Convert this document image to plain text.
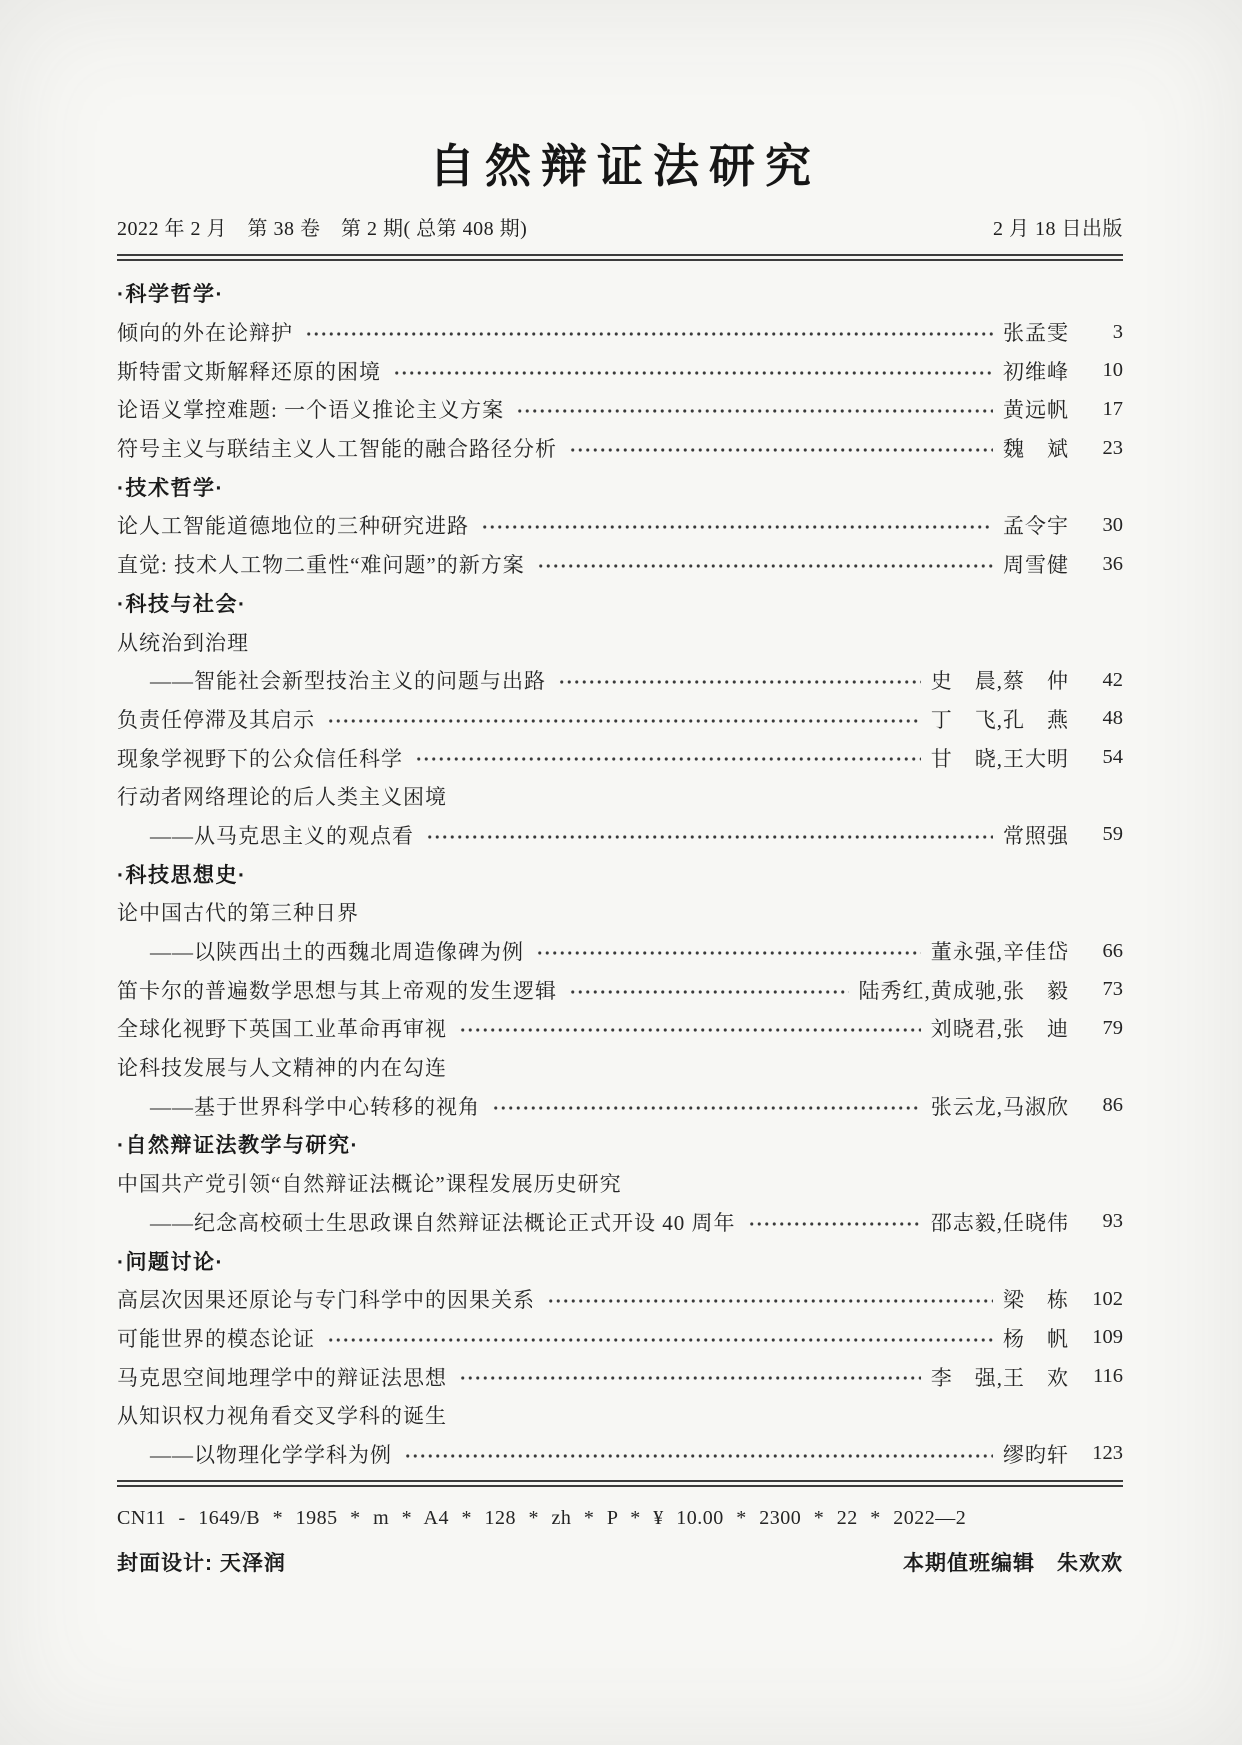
自然辩证法研究
2022 年 2 月　第 38 卷　第 2 期( 总第 408 期)	2 月 18 日出版
·科学哲学·
倾向的外在论辩护	张孟雯	3
斯特雷文斯解释还原的困境	初维峰	10
论语义掌控难题: 一个语义推论主义方案	黄远帆	17
符号主义与联结主义人工智能的融合路径分析	魏　斌	23
·技术哲学·
论人工智能道德地位的三种研究进路	孟令宇	30
直觉: 技术人工物二重性“难问题”的新方案	周雪健	36
·科技与社会·
从统治到治理
——智能社会新型技治主义的问题与出路	史　晨,蔡　仲	42
负责任停滞及其启示	丁　飞,孔　燕	48
现象学视野下的公众信任科学	甘　晓,王大明	54
行动者网络理论的后人类主义困境
——从马克思主义的观点看	常照强	59
·科技思想史·
论中国古代的第三种日界
——以陕西出土的西魏北周造像碑为例	董永强,辛佳岱	66
笛卡尔的普遍数学思想与其上帝观的发生逻辑	陆秀红,黄成驰,张　毅	73
全球化视野下英国工业革命再审视	刘晓君,张　迪	79
论科技发展与人文精神的内在勾连
——基于世界科学中心转移的视角	张云龙,马淑欣	86
·自然辩证法教学与研究·
中国共产党引领“自然辩证法概论”课程发展历史研究
——纪念高校硕士生思政课自然辩证法概论正式开设 40 周年	邵志毅,任晓伟	93
·问题讨论·
高层次因果还原论与专门科学中的因果关系	梁　栋	102
可能世界的模态论证	杨　帆	109
马克思空间地理学中的辩证法思想	李　强,王　欢	116
从知识权力视角看交叉学科的诞生
——以物理化学学科为例	缪昀轩	123
CN11 - 1649/B * 1985 * m * A4 * 128 * zh * P * ¥ 10.00 * 2300 * 22 * 2022—2
封面设计: 天泽润	本期值班编辑　朱欢欢
